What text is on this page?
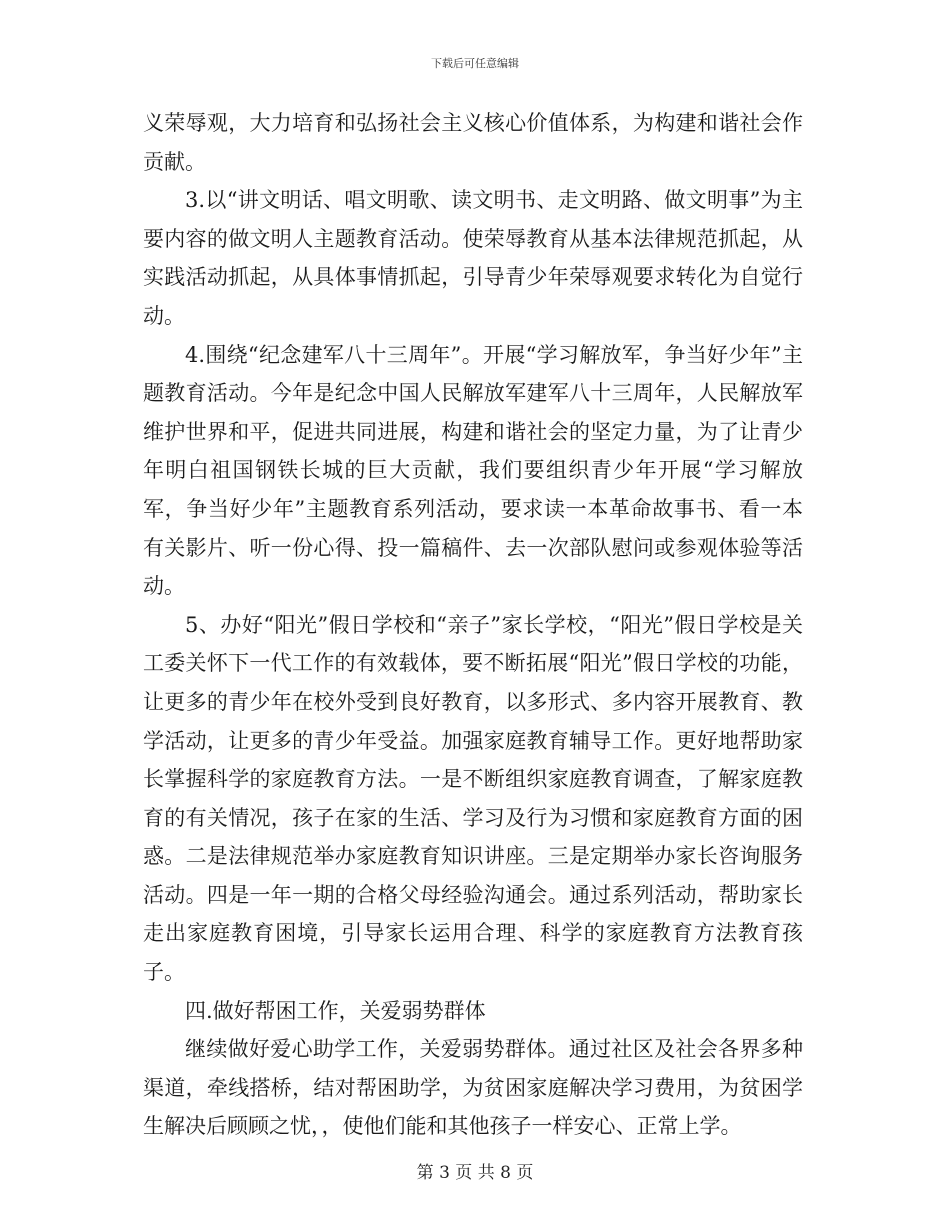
下载后可任意编辑

义荣辱观，大力培育和弘扬社会主义核心价值体系，为构建和谐社会作贡献。

3.以“讲文明话、唱文明歌、读文明书、走文明路、做文明事”为主要内容的做文明人主题教育活动。使荣辱教育从基本法律规范抓起，从实践活动抓起，从具体事情抓起，引导青少年荣辱观要求转化为自觉行动。

4.围绕“纪念建军八十三周年”。开展“学习解放军，争当好少年”主题教育活动。今年是纪念中国人民解放军建军八十三周年，人民解放军维护世界和平，促进共同进展，构建和谐社会的坚定力量，为了让青少年明白祖国钢铁长城的巨大贡献，我们要组织青少年开展“学习解放军，争当好少年”主题教育系列活动，要求读一本革命故事书、看一本有关影片、听一份心得、投一篇稿件、去一次部队慰问或参观体验等活动。

5、办好“阳光”假日学校和“亲子”家长学校，“阳光”假日学校是关工委关怀下一代工作的有效载体，要不断拓展“阳光”假日学校的功能，让更多的青少年在校外受到良好教育，以多形式、多内容开展教育、教学活动，让更多的青少年受益。加强家庭教育辅导工作。更好地帮助家长掌握科学的家庭教育方法。一是不断组织家庭教育调查，了解家庭教育的有关情况，孩子在家的生活、学习及行为习惯和家庭教育方面的困惑。二是法律规范举办家庭教育知识讲座。三是定期举办家长咨询服务活动。四是一年一期的合格父母经验沟通会。通过系列活动，帮助家长走出家庭教育困境，引导家长运用合理、科学的家庭教育方法教育孩子。

四.做好帮困工作，关爱弱势群体

继续做好爱心助学工作，关爱弱势群体。通过社区及社会各界多种渠道，牵线搭桥，结对帮困助学，为贫困家庭解决学习费用，为贫困学生解决后顾顾之忧，，使他们能和其他孩子一样安心、正常上学。

第 3 页 共 8 页
